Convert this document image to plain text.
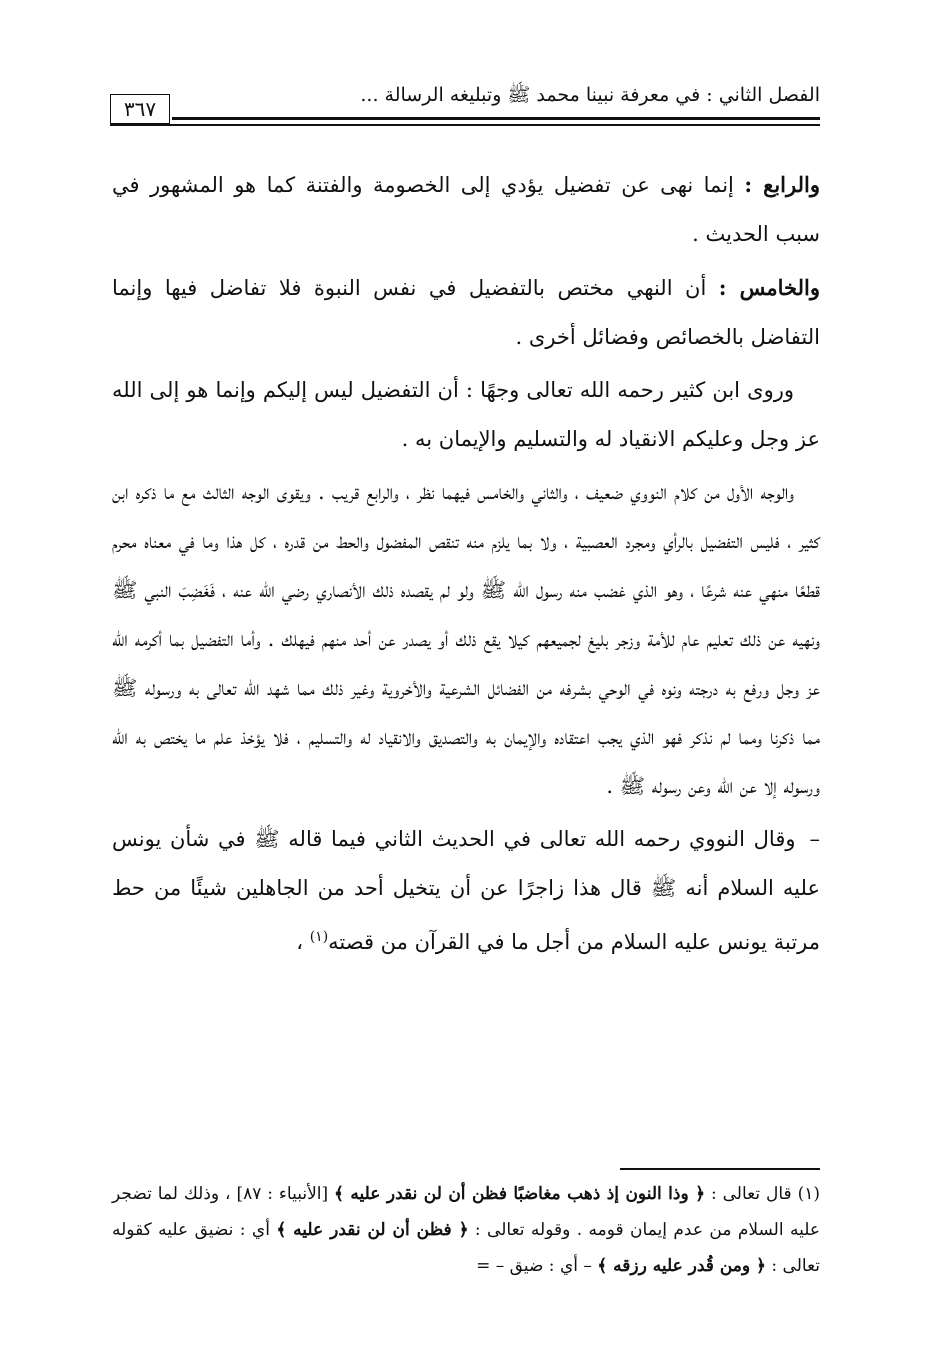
الفصل الثاني : في معرفة نبينا محمد ﷺ وتبليغه الرسالة ...
٣٦٧

والرابع : إنما نهى عن تفضيل يؤدي إلى الخصومة والفتنة كما هو المشهور في سبب الحديث .

والخامس : أن النهي مختص بالتفضيل في نفس النبوة فلا تفاضل فيها وإنما التفاضل بالخصائص وفضائل أخرى .

وروى ابن كثير رحمه الله تعالى وجهًا : أن التفضيل ليس إليكم وإنما هو إلى الله عز وجل وعليكم الانقياد له والتسليم والإيمان به .

والوجه الأول من كلام النووي ضعيف ، والثاني والخامس فيهما نظر ، والرابع قريب . ويقوى الوجه الثالث مع ما ذكره ابن كثير ، فليس التفضيل بالرأي ومجرد العصبية ، ولا بما يلزم منه تنقص المفضول والحط من قدره ، كل هذا وما في معناه محرم قطعًا منهي عنه شرعًا ، وهو الذي غضب منه رسول الله ﷺ ولو لم يقصده ذلك الأنصاري رضي الله عنه ، فَغَضِبَ النبي ﷺ ونهيه عن ذلك تعليم عام للأمة وزجر بليغ لجميعهم كيلا يقع ذلك أو يصدر عن أحد منهم فيهلك . وأما التفضيل بما أكرمه الله عز وجل ورفع به درجته ونوه في الوحي بشرفه من الفضائل الشرعية والأخروية وغير ذلك مما شهد الله تعالى به ورسوله ﷺ مما ذكرنا ومما لم نذكر فهو الذي يجب اعتقاده والإيمان به والتصديق والانقياد له والتسليم ، فلا يؤخذ علم ما يختص به الله ورسوله إلا عن الله وعن رسوله ﷺ .

–وقال النووي رحمه الله تعالى في الحديث الثاني فيما قاله ﷺ في شأن يونس عليه السلام أنه ﷺ قال هذا زاجرًا عن أن يتخيل أحد من الجاهلين شيئًا من حط مرتبة يونس عليه السلام من أجل ما في القرآن من قصته$^{(١)}$ ،

(١) قال تعالى : ﴿ وذا النون إذ ذهب مغاضبًا فظن أن لن نقدر عليه ﴾ [الأنبياء : ٨٧] ، وذلك لما تضجر عليه السلام من عدم إيمان قومه . وقوله تعالى : ﴿ فظن أن لن نقدر عليه ﴾ أي : نضيق عليه كقوله تعالى : ﴿ ومن قُدر عليه رزقه ﴾ – أي : ضيق – =
